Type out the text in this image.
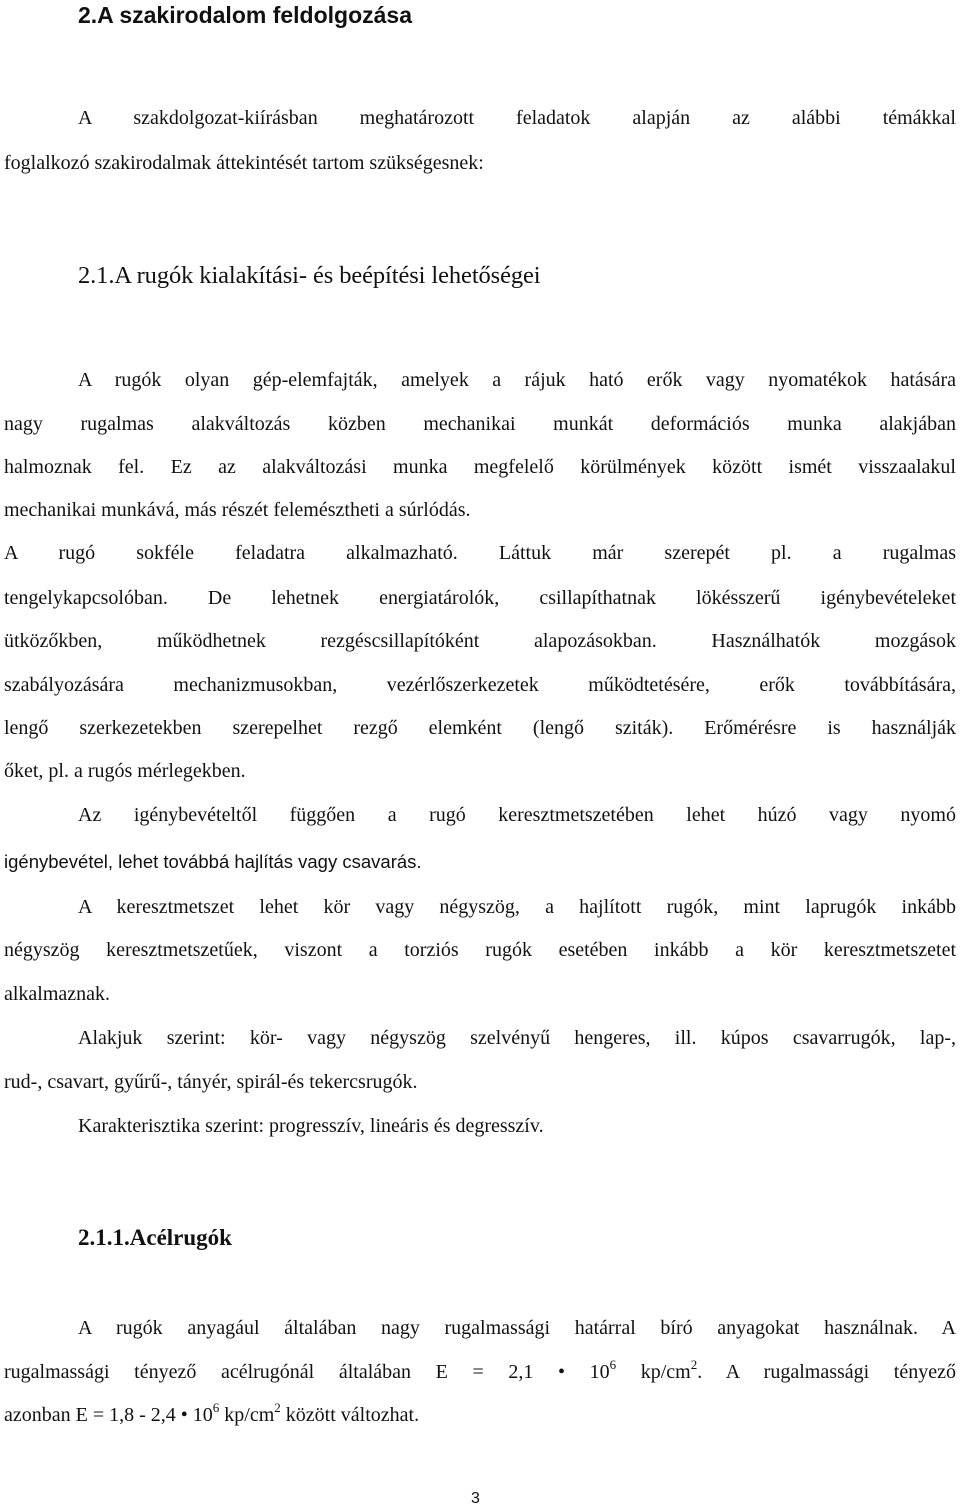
2.A szakirodalom feldolgozása
A szakdolgozat-kiírásban meghatározott feladatok alapján az alábbi témákkal
foglalkozó szakirodalmak áttekintését tartom szükségesnek:
2.1.A rugók kialakítási- és beépítési lehetőségei
A rugók olyan gép-elemfajták, amelyek a rájuk ható erők vagy nyomatékok hatására
nagy rugalmas alakváltozás közben mechanikai munkát deformációs munka alakjában
halmoznak fel. Ez az alakváltozási munka megfelelő körülmények között ismét visszaalakul
mechanikai munkává, más részét felemésztheti a súrlódás.
A rugó sokféle feladatra alkalmazható. Láttuk már szerepét pl. a rugalmas
tengelykapcsolóban. De lehetnek energiatárolók, csillapíthatnak lökésszerű igénybevételeket
ütközőkben, működhetnek rezgéscsillapítóként alapozásokban. Használhatók mozgások
szabályozására mechanizmusokban, vezérlőszerkezetek működtetésére, erők továbbítására,
lengő szerkezetekben szerepelhet rezgő elemként (lengő sziták). Erőmérésre is használják
őket, pl. a rugós mérlegekben.
Az igénybevételtől függően a rugó keresztmetszetében lehet húzó vagy nyomó
igénybevétel, lehet továbbá hajlítás vagy csavarás.
A keresztmetszet lehet kör vagy négyszög, a hajlított rugók, mint laprugók inkább
négyszög keresztmetszetűek, viszont a torziós rugók esetében inkább a kör keresztmetszetet
alkalmaznak.
Alakjuk szerint: kör- vagy négyszög szelvényű hengeres, ill. kúpos csavarrugók, lap-,
rud-, csavart, gyűrű-, tányér, spirál-és tekercsrugók.
Karakterisztika szerint: progresszív, lineáris és degresszív.
2.1.1.Acélrugók
A rugók anyagául általában nagy rugalmassági határral bíró anyagokat használnak. A
rugalmassági tényező acélrugónál általában E = 2,1 • $10^6$ $kp/cm^2$. A rugalmassági tényező
azonban E = 1,8 - 2,4 • $10^6$ $kp/cm^2$ között változhat.
3
